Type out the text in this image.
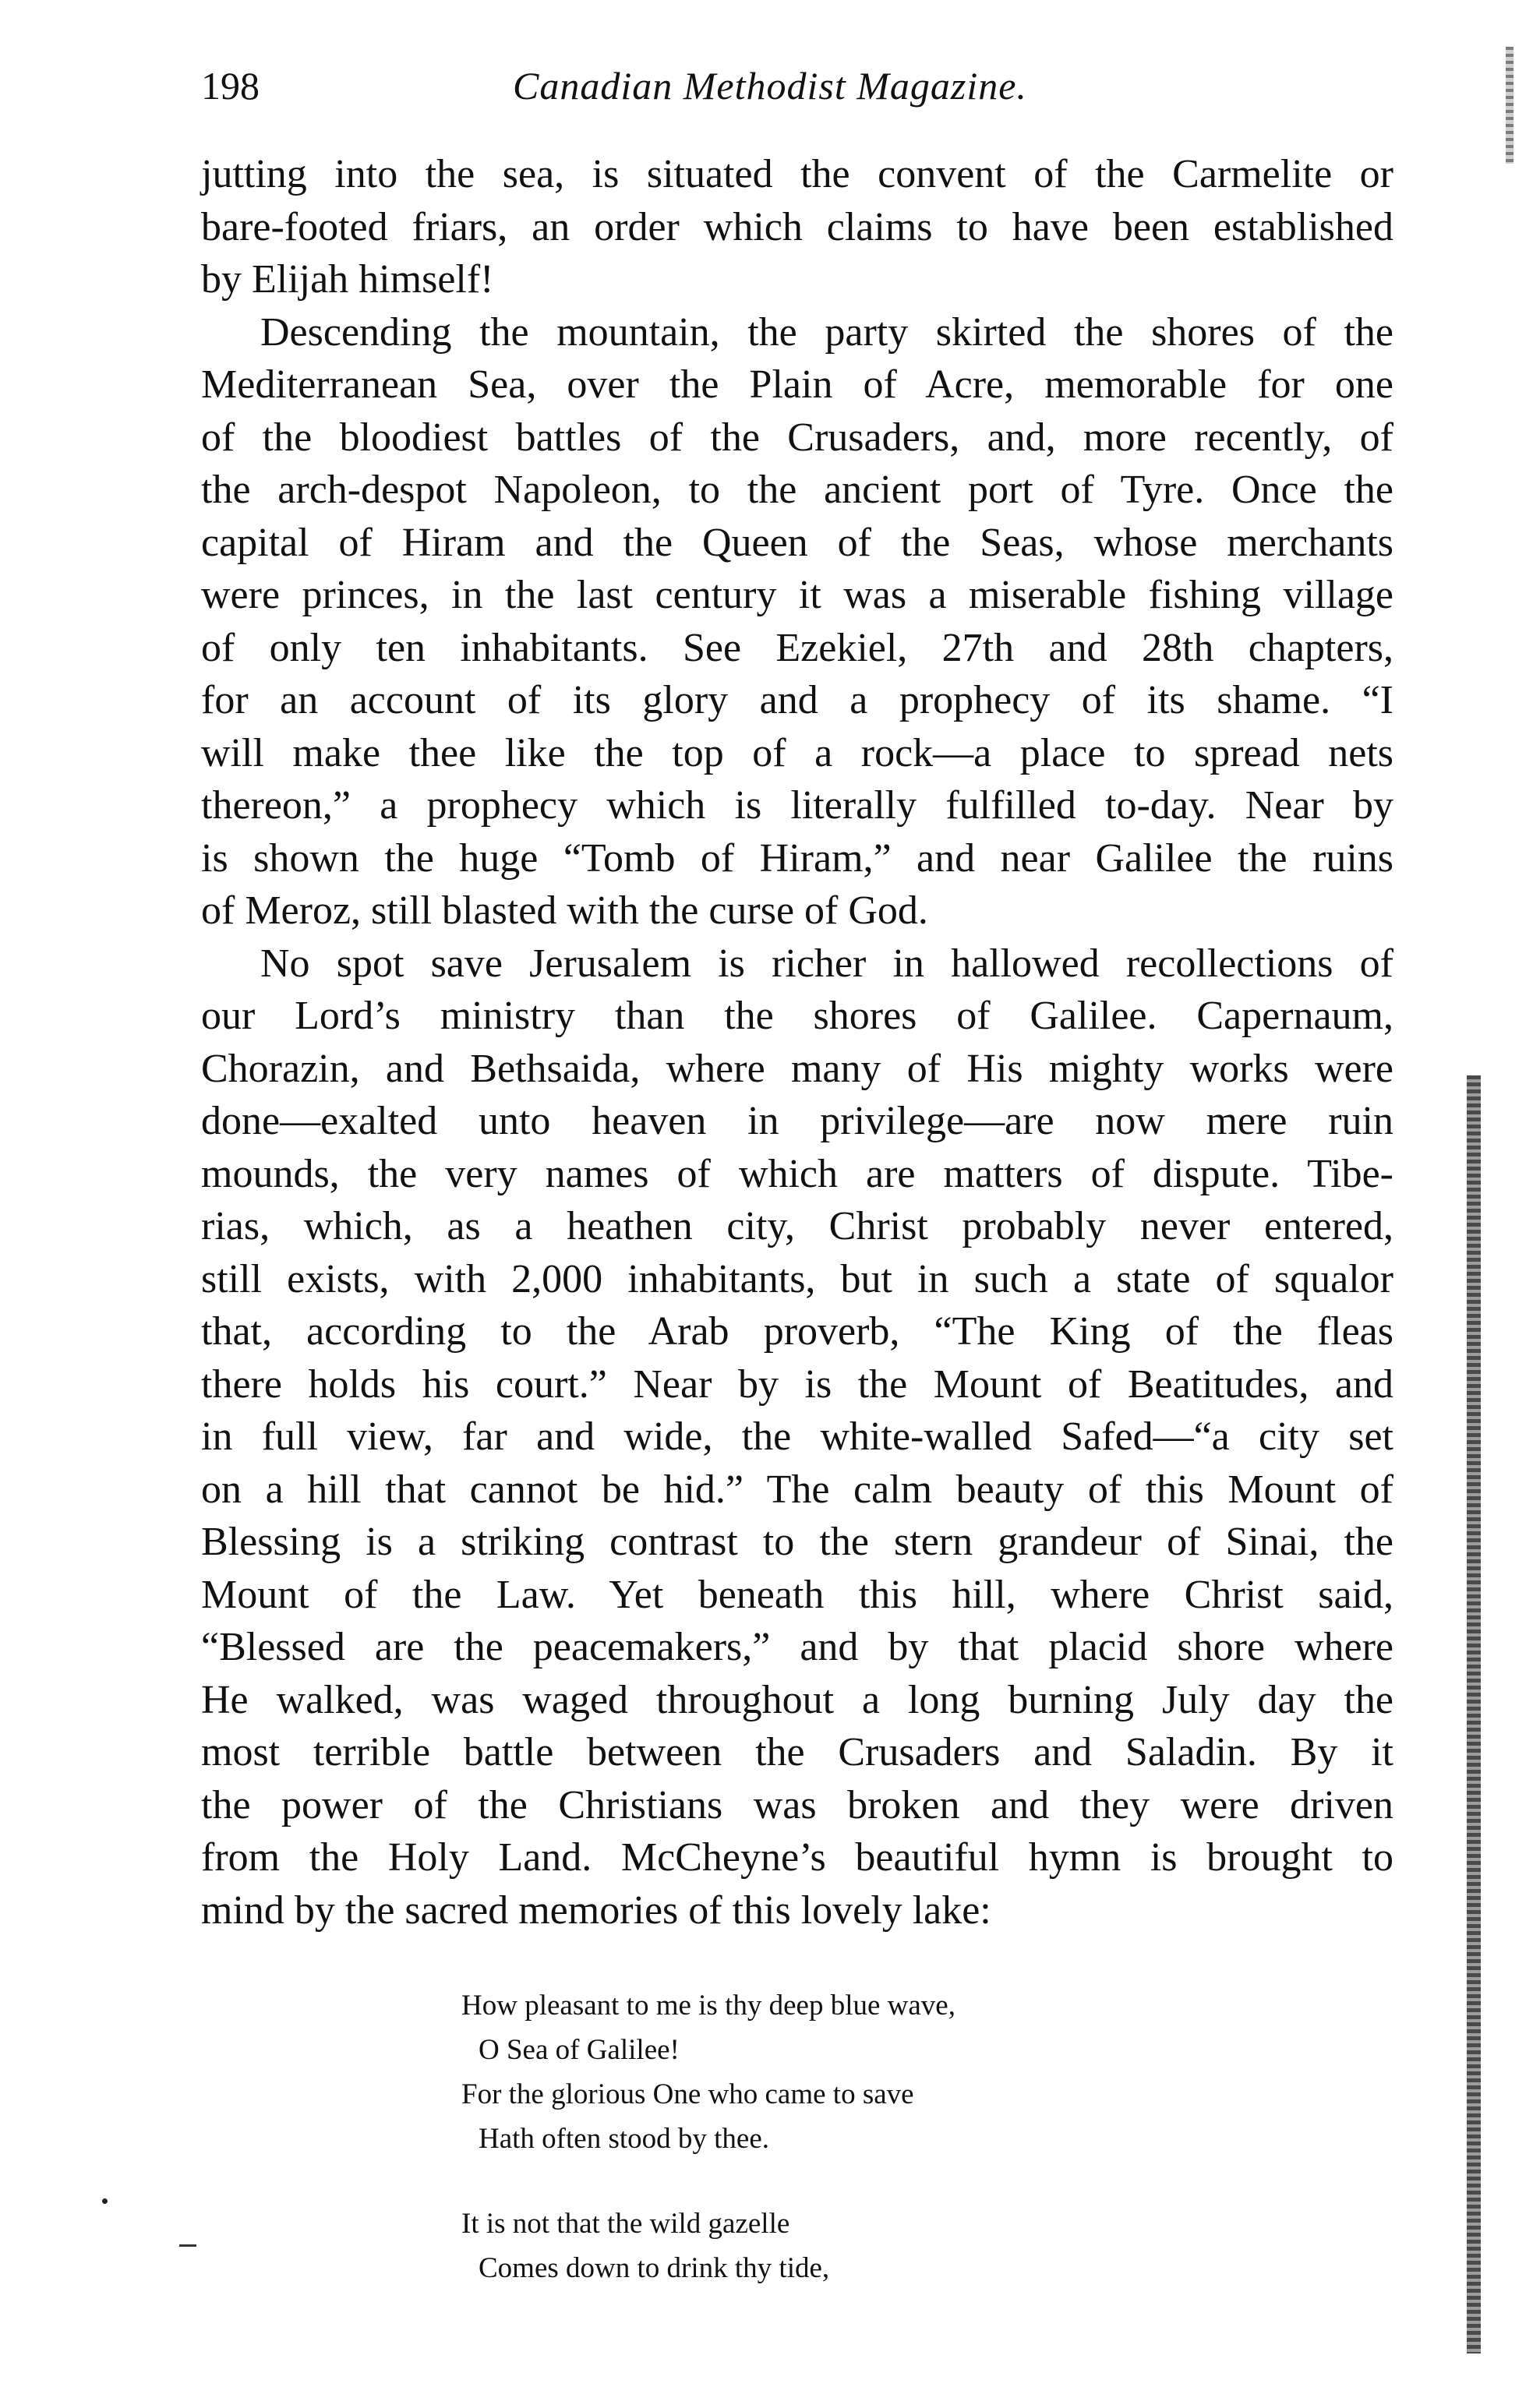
198	Canadian Methodist Magazine.
jutting into the sea, is situated the convent of the Carmelite or
bare-footed friars, an order which claims to have been established
by Elijah himself!
Descending the mountain, the party skirted the shores of the
Mediterranean Sea, over the Plain of Acre, memorable for one
of the bloodiest battles of the Crusaders, and, more recently, of
the arch-despot Napoleon, to the ancient port of Tyre. Once the
capital of Hiram and the Queen of the Seas, whose merchants
were princes, in the last century it was a miserable fishing village
of only ten inhabitants. See Ezekiel, 27th and 28th chapters,
for an account of its glory and a prophecy of its shame. “I
will make thee like the top of a rock—a place to spread nets
thereon,” a prophecy which is literally fulfilled to-day. Near by
is shown the huge “Tomb of Hiram,” and near Galilee the ruins
of Meroz, still blasted with the curse of God.
No spot save Jerusalem is richer in hallowed recollections of
our Lord’s ministry than the shores of Galilee. Capernaum,
Chorazin, and Bethsaida, where many of His mighty works were
done—exalted unto heaven in privilege—are now mere ruin
mounds, the very names of which are matters of dispute. Tibe-
rias, which, as a heathen city, Christ probably never entered,
still exists, with 2,000 inhabitants, but in such a state of squalor
that, according to the Arab proverb, “The King of the fleas
there holds his court.” Near by is the Mount of Beatitudes, and
in full view, far and wide, the white-walled Safed—“a city set
on a hill that cannot be hid.” The calm beauty of this Mount of
Blessing is a striking contrast to the stern grandeur of Sinai, the
Mount of the Law. Yet beneath this hill, where Christ said,
“Blessed are the peacemakers,” and by that placid shore where
He walked, was waged throughout a long burning July day the
most terrible battle between the Crusaders and Saladin. By it
the power of the Christians was broken and they were driven
from the Holy Land. McCheyne’s beautiful hymn is brought to
mind by the sacred memories of this lovely lake:
How pleasant to me is thy deep blue wave,
O Sea of Galilee!
For the glorious One who came to save
Hath often stood by thee.
It is not that the wild gazelle
Comes down to drink thy tide,
